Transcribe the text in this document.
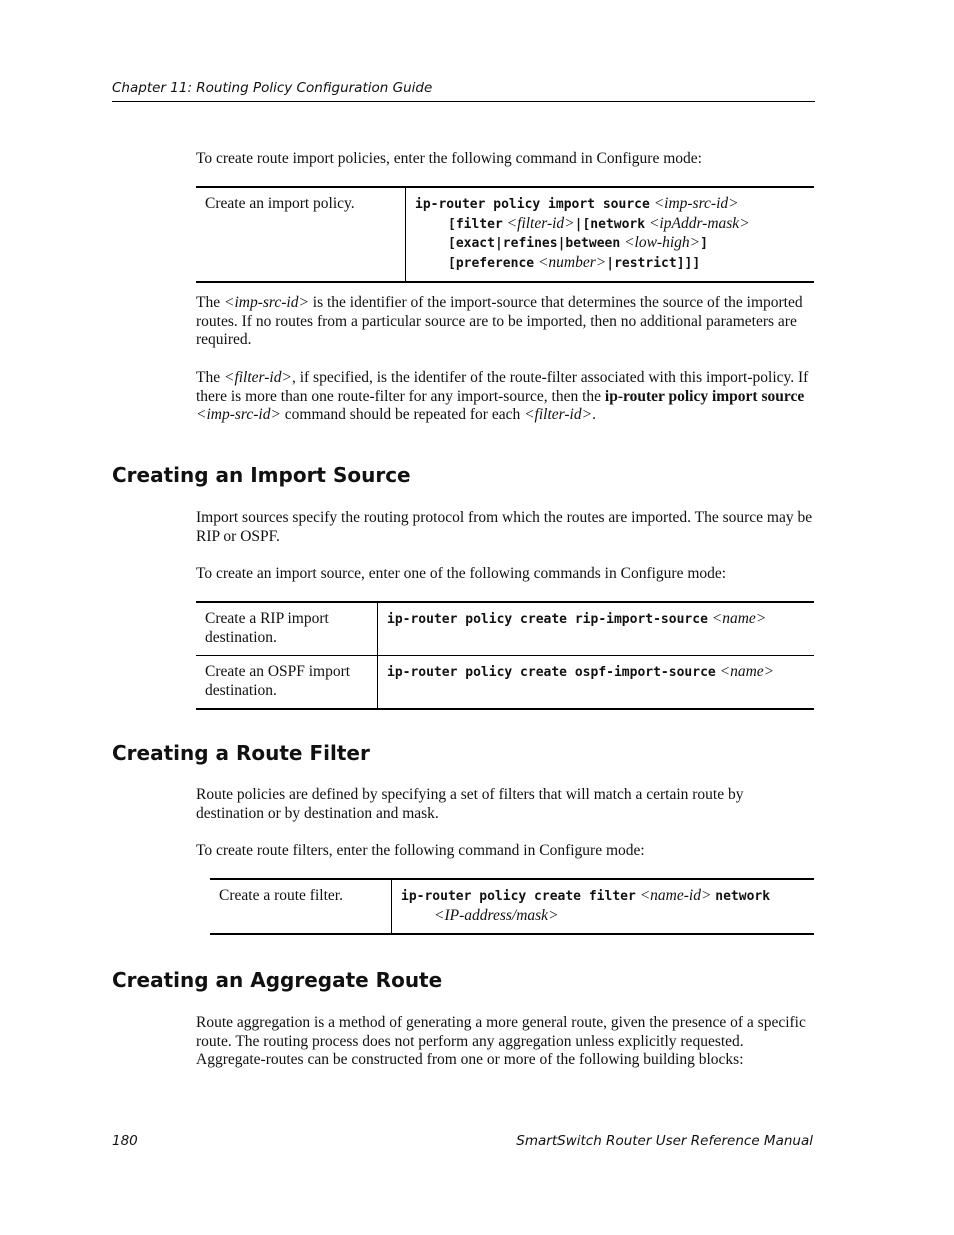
Chapter 11: Routing Policy Configuration Guide

To create route import policies, enter the following command in Configure mode:

Create an import policy.	ip-router policy import source <imp-src-id>
[filter <filter-id>|[network <ipAddr-mask>
[exact|refines|between <low-high>]
[preference <number>|restrict]]]

The <imp-src-id> is the identifier of the import-source that determines the source of the imported routes. If no routes from a particular source are to be imported, then no additional parameters are required.

The <filter-id>, if specified, is the identifer of the route-filter associated with this import-policy. If there is more than one route-filter for any import-source, then the ip-router policy import source <imp-src-id> command should be repeated for each <filter-id>.

Creating an Import Source

Import sources specify the routing protocol from which the routes are imported. The source may be RIP or OSPF.

To create an import source, enter one of the following commands in Configure mode:

Create a RIP import destination.	ip-router policy create rip-import-source <name>
Create an OSPF import destination.	ip-router policy create ospf-import-source <name>
Creating a Route Filter

Route policies are defined by specifying a set of filters that will match a certain route by destination or by destination and mask.

To create route filters, enter the following command in Configure mode:

Create a route filter.	ip-router policy create filter <name-id> network
<IP-address/mask>
Creating an Aggregate Route

Route aggregation is a method of generating a more general route, given the presence of a specific route. The routing process does not perform any aggregation unless explicitly requested. Aggregate-routes can be constructed from one or more of the following building blocks:

180	SmartSwitch Router User Reference Manual
